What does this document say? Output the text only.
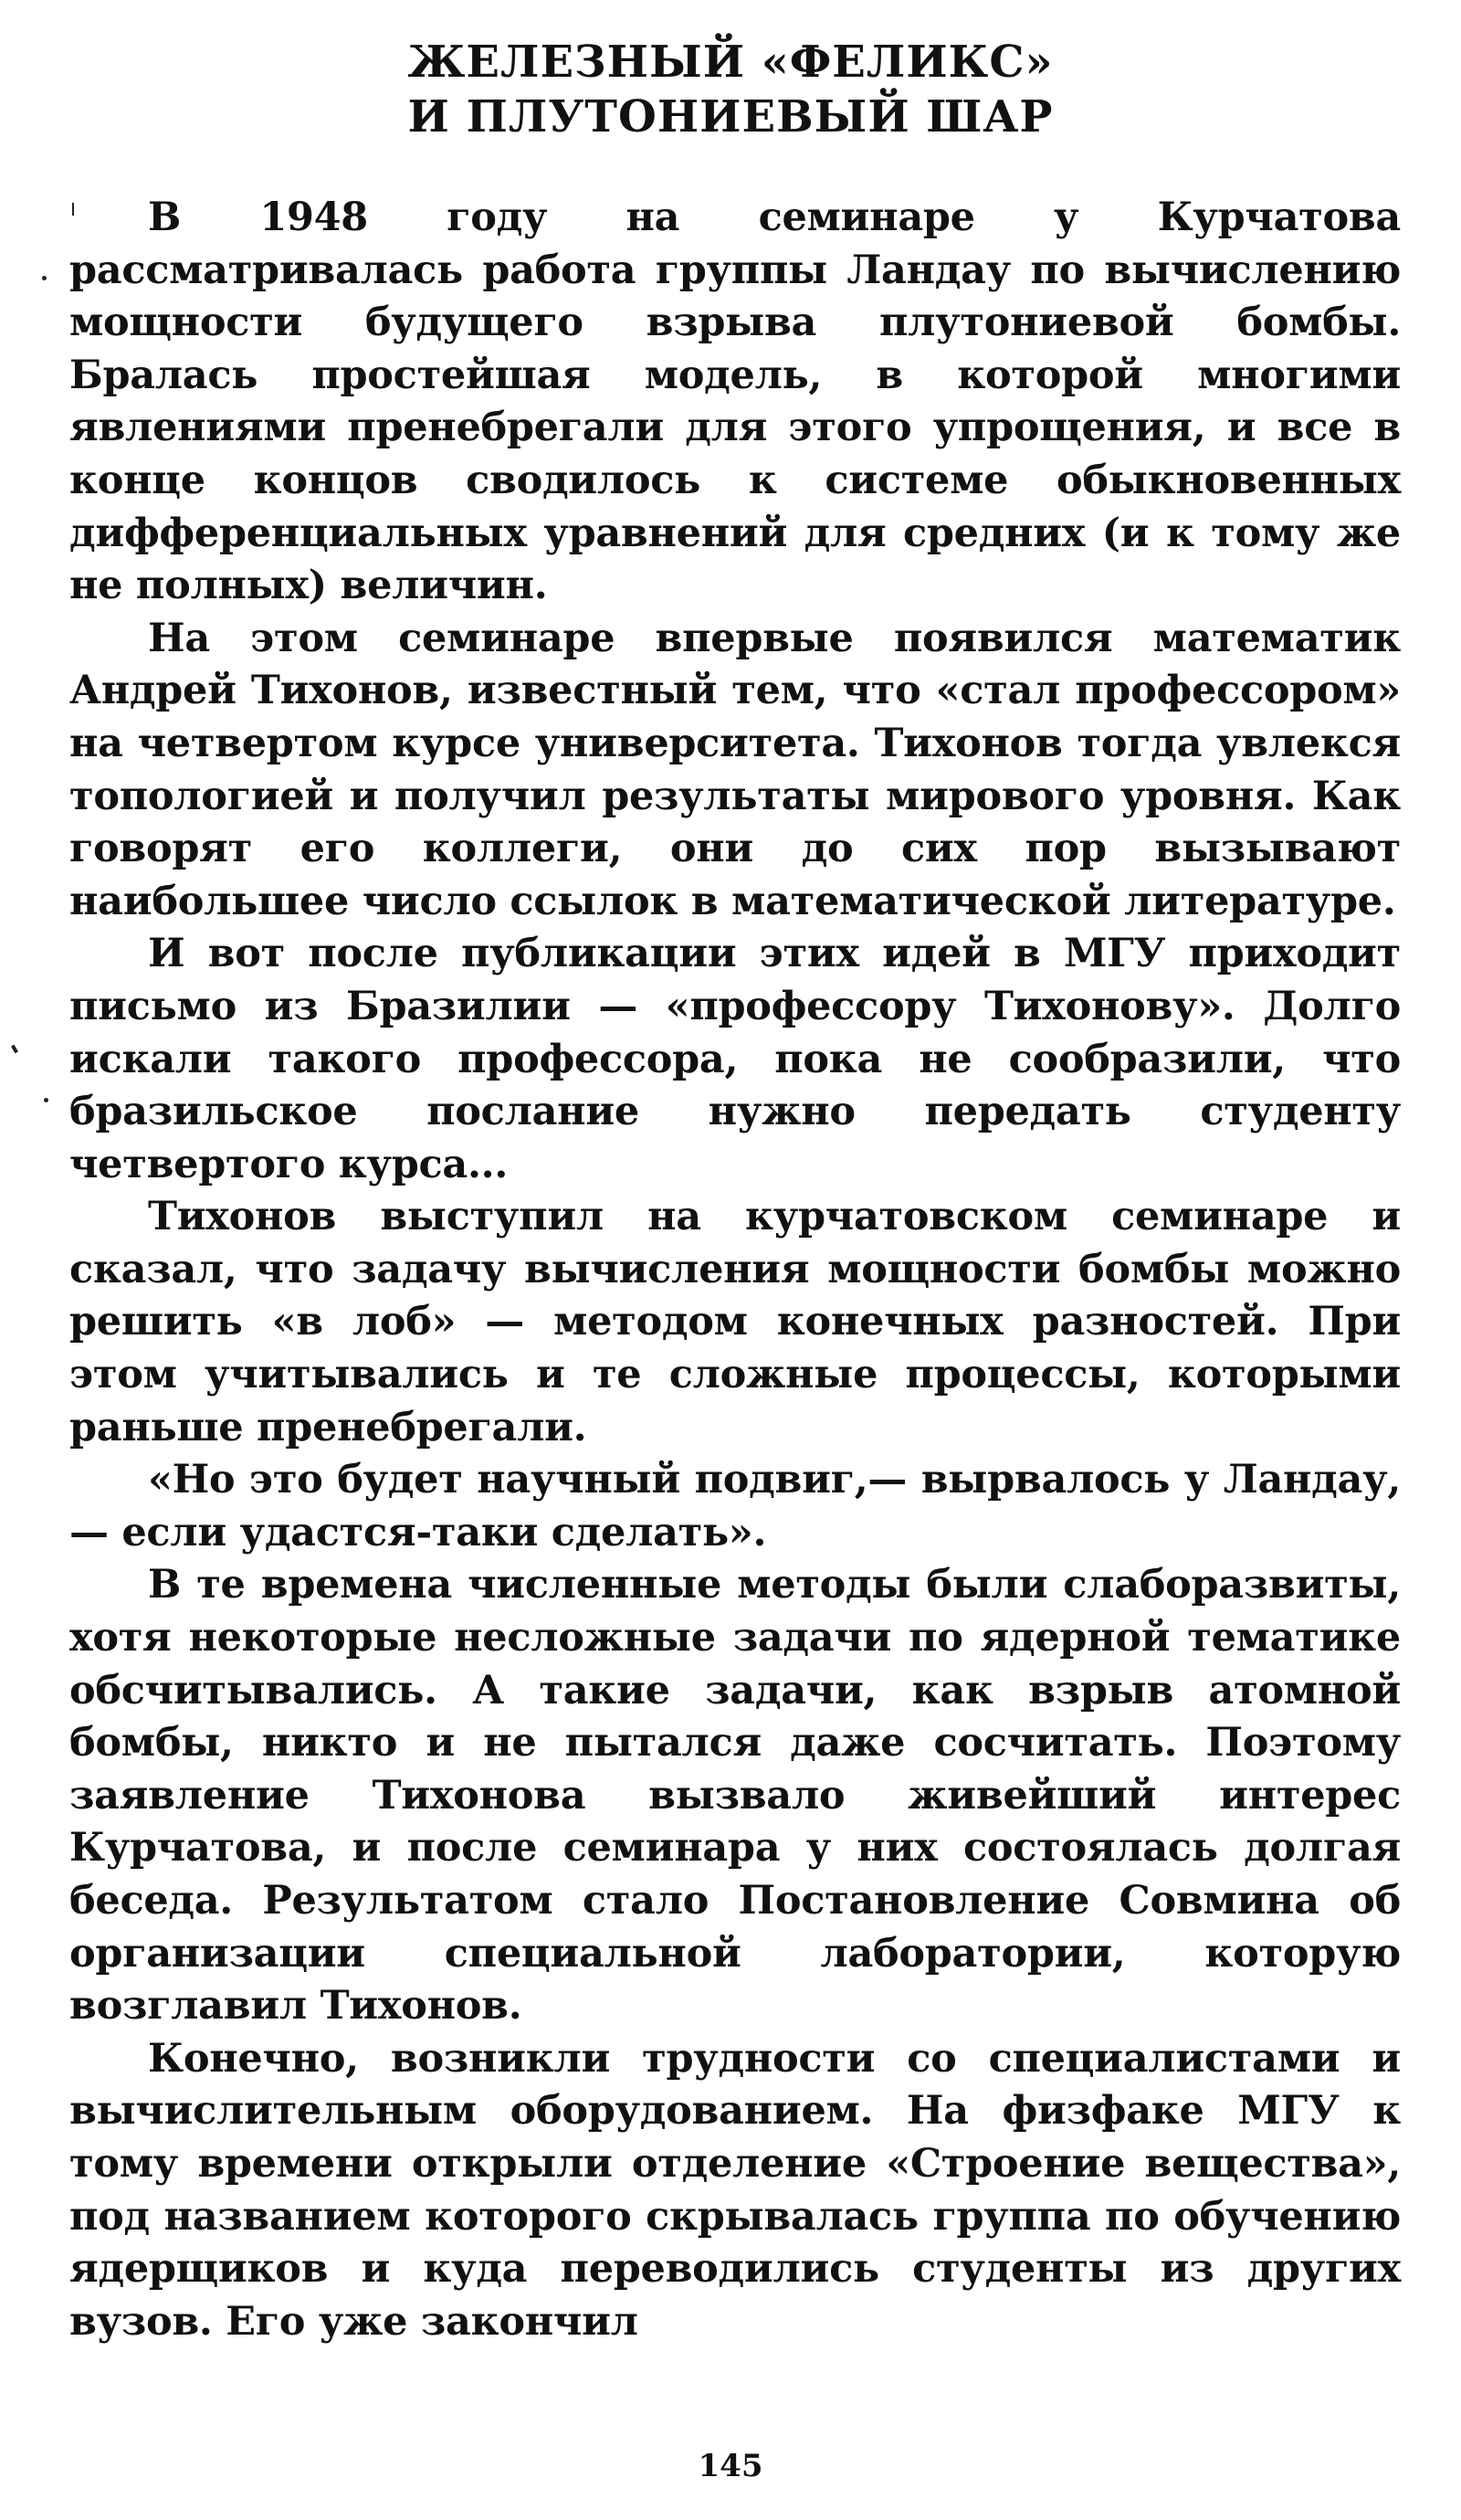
ЖЕЛЕЗНЫЙ «ФЕЛИКС»
И ПЛУТОНИЕВЫЙ ШАР

В 1948 году на семинаре у Курчатова рассматривалась работа группы Ландау по вычислению мощности будущего взрыва плутониевой бомбы. Бралась простейшая модель, в которой многими явлениями пренебрегали для этого упрощения, и все в конце концов сводилось к системе обыкновенных дифференциальных уравнений для средних (и к тому же не полных) величин.

На этом семинаре впервые появился математик Андрей Тихонов, известный тем, что «стал профессором» на четвертом курсе университета. Тихонов тогда увлекся топологией и получил результаты мирового уровня. Как говорят его коллеги, они до сих пор вызывают наибольшее число ссылок в математической литературе.

И вот после публикации этих идей в МГУ приходит письмо из Бразилии — «профессору Тихонову». Долго искали такого профессора, пока не сообразили, что бразильское послание нужно передать студенту четвертого курса...

Тихонов выступил на курчатовском семинаре и сказал, что задачу вычисления мощности бомбы можно решить «в лоб» — методом конечных разностей. При этом учитывались и те сложные процессы, которыми раньше пренебрегали.

«Но это будет научный подвиг,— вырвалось у Ландау,— если удастся-таки сделать».

В те времена численные методы были слаборазвиты, хотя некоторые несложные задачи по ядерной тематике обсчитывались. А такие задачи, как взрыв атомной бомбы, никто и не пытался даже сосчитать. Поэтому заявление Тихонова вызвало живейший интерес Курчатова, и после семинара у них состоялась долгая беседа. Результатом стало Постановление Совмина об организации специальной лаборатории, которую возглавил Тихонов.

Конечно, возникли трудности со специалистами и вычислительным оборудованием. На физфаке МГУ к тому времени открыли отделение «Строение вещества», под названием которого скрывалась группа по обучению ядерщиков и куда переводились студенты из других вузов. Его уже закончил

145
